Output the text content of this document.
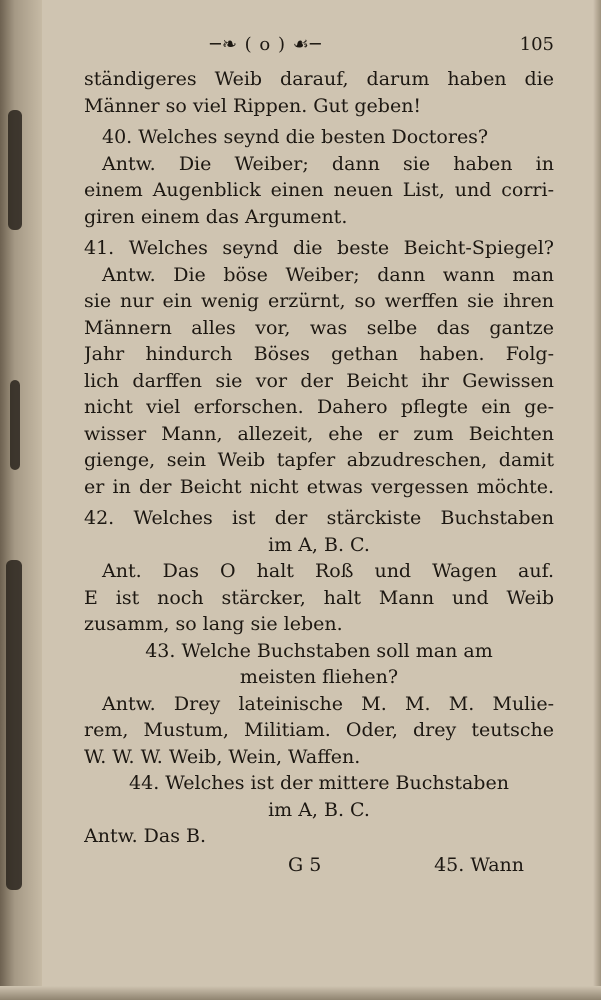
─❧ ( o ) ☙─	105
ständigeres Weib darauf, darum haben die
Männer so viel Rippen. Gut geben!
40. Welches seynd die besten Doctores?
Antw. Die Weiber; dann sie haben in
einem Augenblick einen neuen List, und corri-
giren einem das Argument.
41. Welches seynd die beste Beicht-Spiegel?
Antw. Die böse Weiber; dann wann man
sie nur ein wenig erzürnt, so werffen sie ihren
Männern alles vor, was selbe das gantze
Jahr hindurch Böses gethan haben. Folg-
lich darffen sie vor der Beicht ihr Gewissen
nicht viel erforschen. Dahero pflegte ein ge-
wisser Mann, allezeit, ehe er zum Beichten
gienge, sein Weib tapfer abzudreschen, damit
er in der Beicht nicht etwas vergessen möchte.
42. Welches ist der stärckiste Buchstaben
im A, B. C.
Ant. Das O halt Roß und Wagen auf.
E ist noch stärcker, halt Mann und Weib
zusamm, so lang sie leben.
43. Welche Buchstaben soll man am
meisten fliehen?
Antw. Drey lateinische M. M. M. Mulie-
rem, Mustum, Militiam. Oder, drey teutsche
W. W. W. Weib, Wein, Waffen.
44. Welches ist der mittere Buchstaben
im A, B. C.
Antw. Das B.
G 5	45. Wann
